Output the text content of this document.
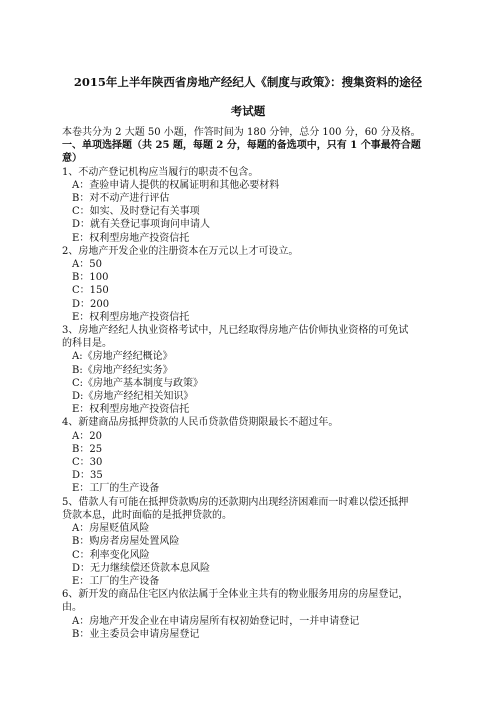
2015年上半年陕西省房地产经纪人《制度与政策》：搜集资料的途径
考试题
本卷共分为 2 大题 50 小题，作答时间为 180 分钟，总分 100 分，60 分及格。
一、单项选择题（共 25 题，每题 2 分，每题的备选项中，只有 1 个事最符合题
意）
1、不动产登记机构应当履行的职责不包含。
A：查验申请人提供的权属证明和其他必要材料
B：对不动产进行评估
C：如实、及时登记有关事项
D：就有关登记事项询问申请人
E：权利型房地产投资信托
2、房地产开发企业的注册资本在万元以上才可设立。
A：50
B：100
C：150
D：200
E：权利型房地产投资信托
3、房地产经纪人执业资格考试中，凡已经取得房地产估价师执业资格的可免试
的科目是。
A:《房地产经纪概论》
B:《房地产经纪实务》
C:《房地产基本制度与政策》
D:《房地产经纪相关知识》
E：权利型房地产投资信托
4、新建商品房抵押贷款的人民币贷款借贷期限最长不超过年。
A：20
B：25
C：30
D：35
E：工厂的生产设备
5、借款人有可能在抵押贷款购房的还款期内出现经济困难而一时难以偿还抵押
贷款本息，此时面临的是抵押贷款的。
A：房屋贬值风险
B：购房者房屋处置风险
C：利率变化风险
D：无力继续偿还贷款本息风险
E：工厂的生产设备
6、新开发的商品住宅区内依法属于全体业主共有的物业服务用房的房屋登记，
由。
A：房地产开发企业在申请房屋所有权初始登记时，一并申请登记
B：业主委员会申请房屋登记
